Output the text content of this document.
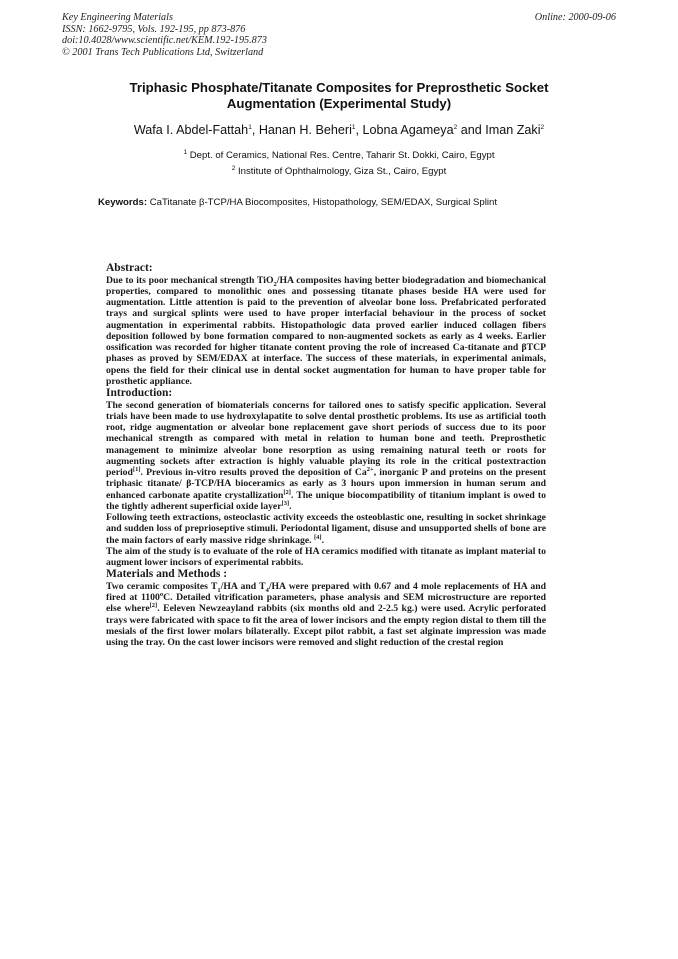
Key Engineering Materials
ISSN: 1662-9795, Vols. 192-195, pp 873-876
doi:10.4028/www.scientific.net/KEM.192-195.873
© 2001 Trans Tech Publications Ltd, Switzerland
Online: 2000-09-06
Triphasic Phosphate/Titanate Composites for Preprosthetic Socket
Augmentation (Experimental Study)
Wafa I. Abdel-Fattah$^1$, Hanan H. Beheri$^1$, Lobna Agameya$^2$ and Iman Zaki$^2$
$^1$ Dept. of Ceramics, National Res. Centre, Taharir St. Dokki, Cairo, Egypt
$^2$ Institute of Ophthalmology, Giza St., Cairo, Egypt
Keywords: CaTitanate β-TCP/HA Biocomposites, Histopathology, SEM/EDAX, Surgical Splint
Abstract:
Due to its poor mechanical strength TiO$_2$/HA composites having better biodegradation and biomechanical properties, compared to monolithic ones and possessing titanate phases beside HA were used for augmentation. Little attention is paid to the prevention of alveolar bone loss. Prefabricated perforated trays and surgical splints were used to have proper interfacial behaviour in the process of socket augmentation in experimental rabbits. Histopathologic data proved earlier induced collagen fibers deposition followed by bone formation compared to non-augmented sockets as early as 4 weeks. Earlier ossification was recorded for higher titanate content proving the role of increased Ca-titanate and βTCP phases as proved by SEM/EDAX at interface. The success of these materials, in experimental animals, opens the field for their clinical use in dental socket augmentation for human to have proper table for prosthetic appliance.
Introduction:
The second generation of biomaterials concerns for tailored ones to satisfy specific application. Several trials have been made to use hydroxylapatite to solve dental prosthetic problems. Its use as artificial tooth root, ridge augmentation or alveolar bone replacement gave short periods of success due to its poor mechanical strength as compared with metal in relation to human bone and teeth. Preprosthetic management to minimize alveolar bone resorption as using remaining natural teeth or roots for augmenting sockets after extraction is highly valuable playing its role in the critical postextraction period[1]. Previous in-vitro results proved the deposition of $Ca^{2+}$, inorganic P and proteins on the present triphasic titanate/ β-TCP/HA bioceramics as early as 3 hours upon immersion in human serum and enhanced carbonate apatite crystallization[2]. The unique biocompatibility of titanium implant is owed to the tightly adherent superficial oxide layer[3].
Following teeth extractions, osteoclastic activity exceeds the osteoblastic one, resulting in socket shrinkage and sudden loss of preprioseptive stimuli. Periodontal ligament, disuse and unsupported shells of bone are the main factors of early massive ridge shrinkage. [4].
The aim of the study is to evaluate of the role of HA ceramics modified with titanate as implant material to augment lower incisors of experimental rabbits.
Materials and Methods :
Two ceramic composites $T_1/HA$ and $T_4/HA$ were prepared with 0.67 and 4 mole replacements of HA and fired at 1100$^o$C. Detailed vitrification parameters, phase analysis and SEM microstructure are reported else where[2]. Eeleven Newzeayland rabbits (six months old and 2-2.5 kg.) were used. Acrylic perforated trays were fabricated with space to fit the area of lower incisors and the empty region distal to them till the mesials of the first lower molars bilaterally. Except pilot rabbit, a fast set alginate impression was made using the tray. On the cast lower incisors were removed and slight reduction of the crestal region
